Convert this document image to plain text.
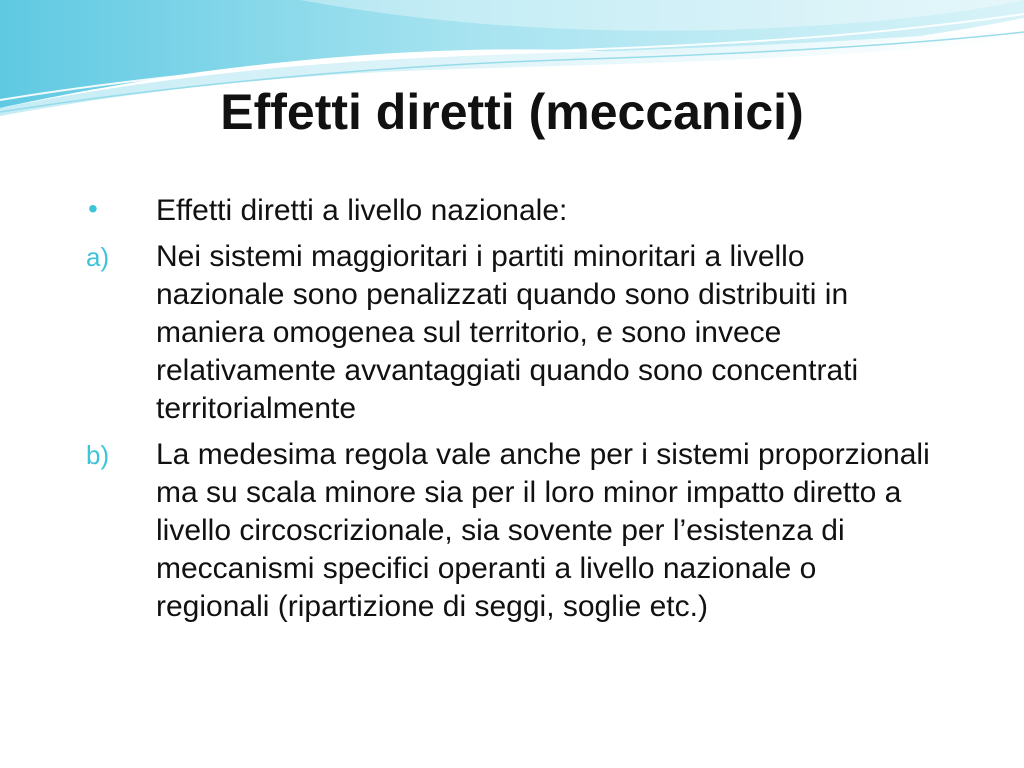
Effetti diretti (meccanici)
• Effetti diretti a livello nazionale:
a) Nei sistemi maggioritari i partiti minoritari a livello nazionale sono penalizzati quando sono distribuiti in maniera omogenea sul territorio, e sono invece relativamente avvantaggiati quando sono concentrati territorialmente
b) La medesima regola vale anche per i sistemi proporzionali ma su scala minore sia per il loro minor impatto diretto a livello circoscrizionale, sia sovente per l’esistenza di meccanismi specifici operanti a livello nazionale o regionali (ripartizione di seggi, soglie etc.)
